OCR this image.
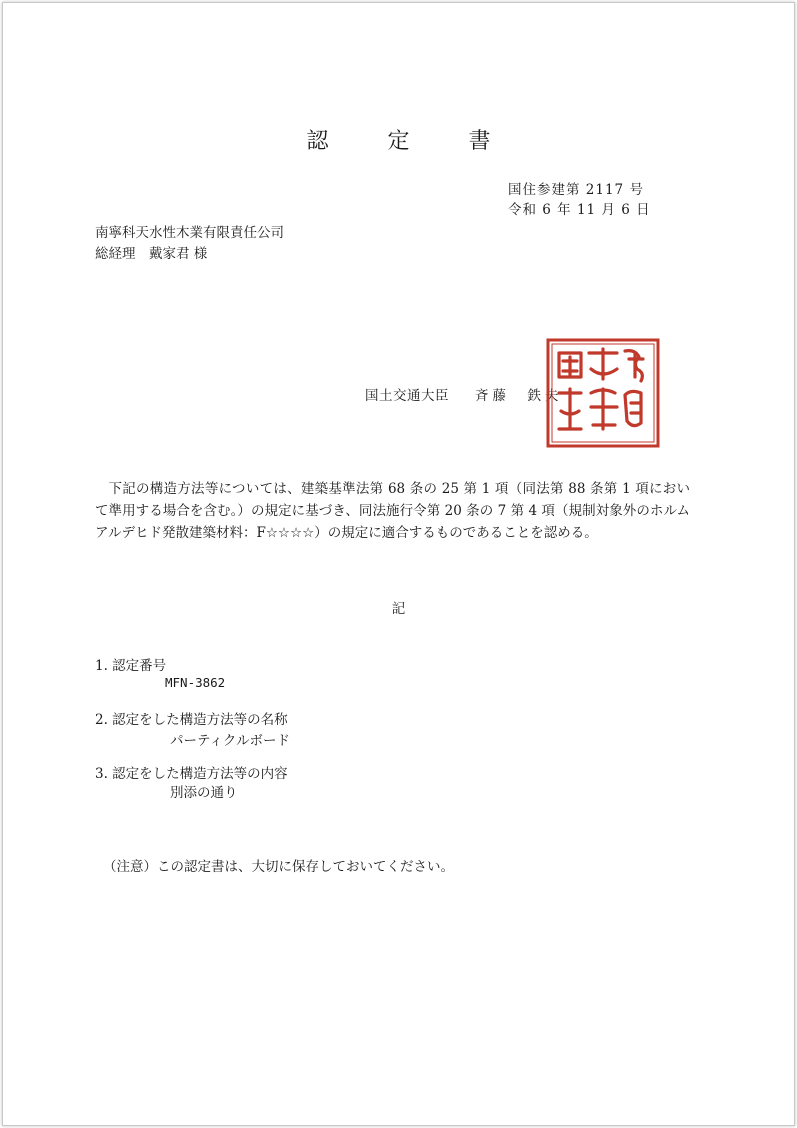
認 定 書
国住参建第 2117 号
令和 6 年 11 月 6 日
南寧科天水性木業有限責任公司
総経理　戴家君 様
国土交通大臣 斉藤　鉄夫
下記の構造方法等については、建築基準法第 68 条の 25 第 1 項（同法第 88 条第 1 項において準用する場合を含む。）の規定に基づき、同法施行令第 20 条の 7 第 4 項（規制対象外のホルムアルデヒド発散建築材料：F☆☆☆☆）の規定に適合するものであることを認める。
記
1. 認定番号
MFN-3862
2. 認定をした構造方法等の名称
パーティクルボード
3. 認定をした構造方法等の内容
別添の通り
（注意）この認定書は、大切に保存しておいてください。
